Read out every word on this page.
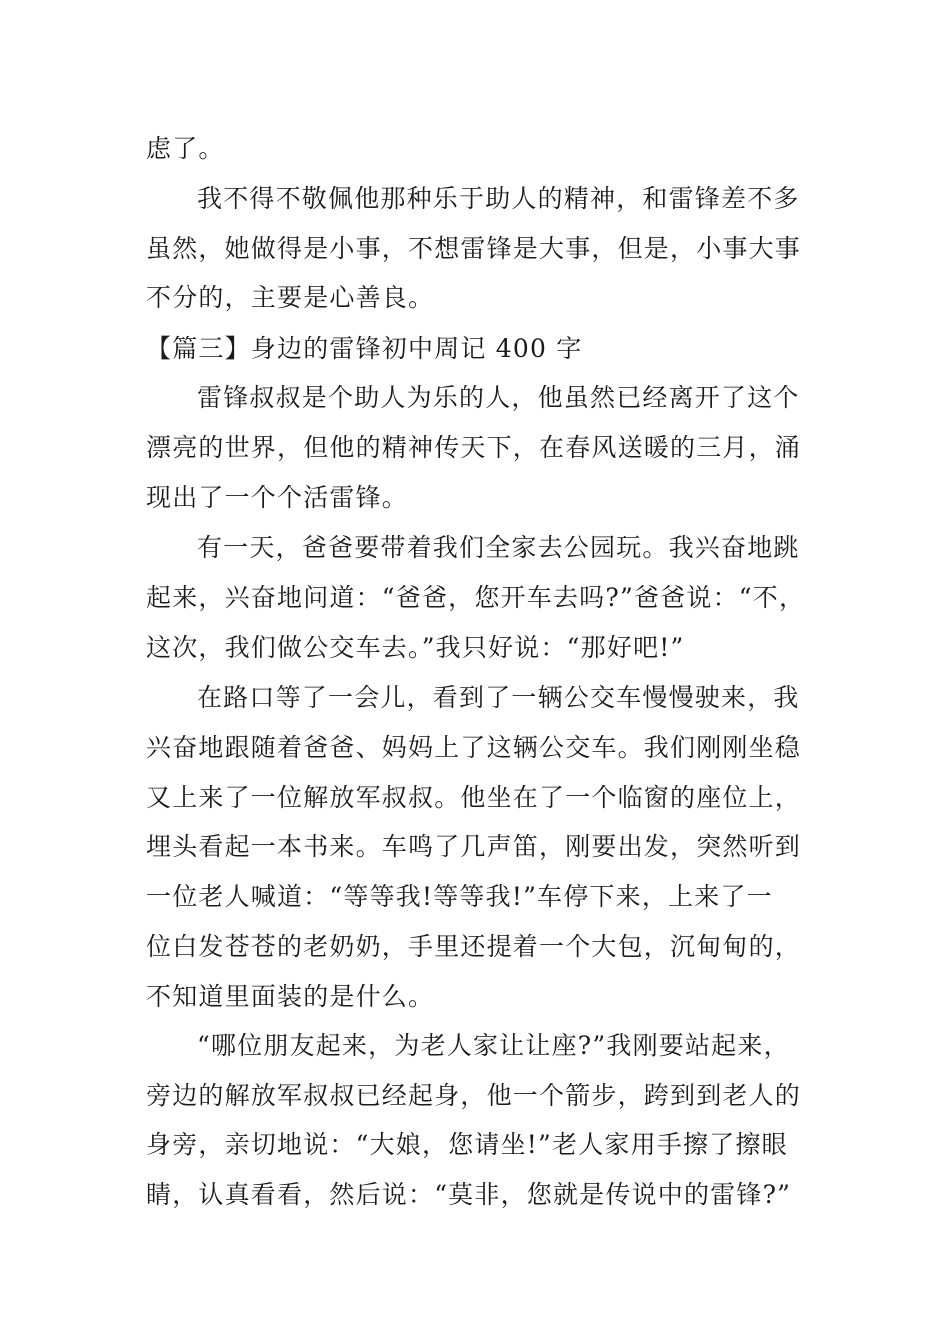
虑了。
我不得不敬佩他那种乐于助人的精神，和雷锋差不多
虽然，她做得是小事，不想雷锋是大事，但是，小事大事
不分的，主要是心善良。
【篇三】身边的雷锋初中周记 400 字
雷锋叔叔是个助人为乐的人，他虽然已经离开了这个
漂亮的世界，但他的精神传天下，在春风送暖的三月，涌
现出了一个个活雷锋。
有一天，爸爸要带着我们全家去公园玩。我兴奋地跳
起来，兴奋地问道：“爸爸，您开车去吗?”爸爸说：“不，
这次，我们做公交车去。”我只好说：“那好吧!”
在路口等了一会儿，看到了一辆公交车慢慢驶来，我
兴奋地跟随着爸爸、妈妈上了这辆公交车。我们刚刚坐稳
又上来了一位解放军叔叔。他坐在了一个临窗的座位上，
埋头看起一本书来。车鸣了几声笛，刚要出发，突然听到
一位老人喊道：“等等我!等等我!”车停下来，上来了一
位白发苍苍的老奶奶，手里还提着一个大包，沉甸甸的，
不知道里面装的是什么。
“哪位朋友起来，为老人家让让座?”我刚要站起来，
旁边的解放军叔叔已经起身，他一个箭步，跨到到老人的
身旁，亲切地说：“大娘，您请坐!”老人家用手擦了擦眼
睛，认真看看，然后说：“莫非，您就是传说中的雷锋?”
